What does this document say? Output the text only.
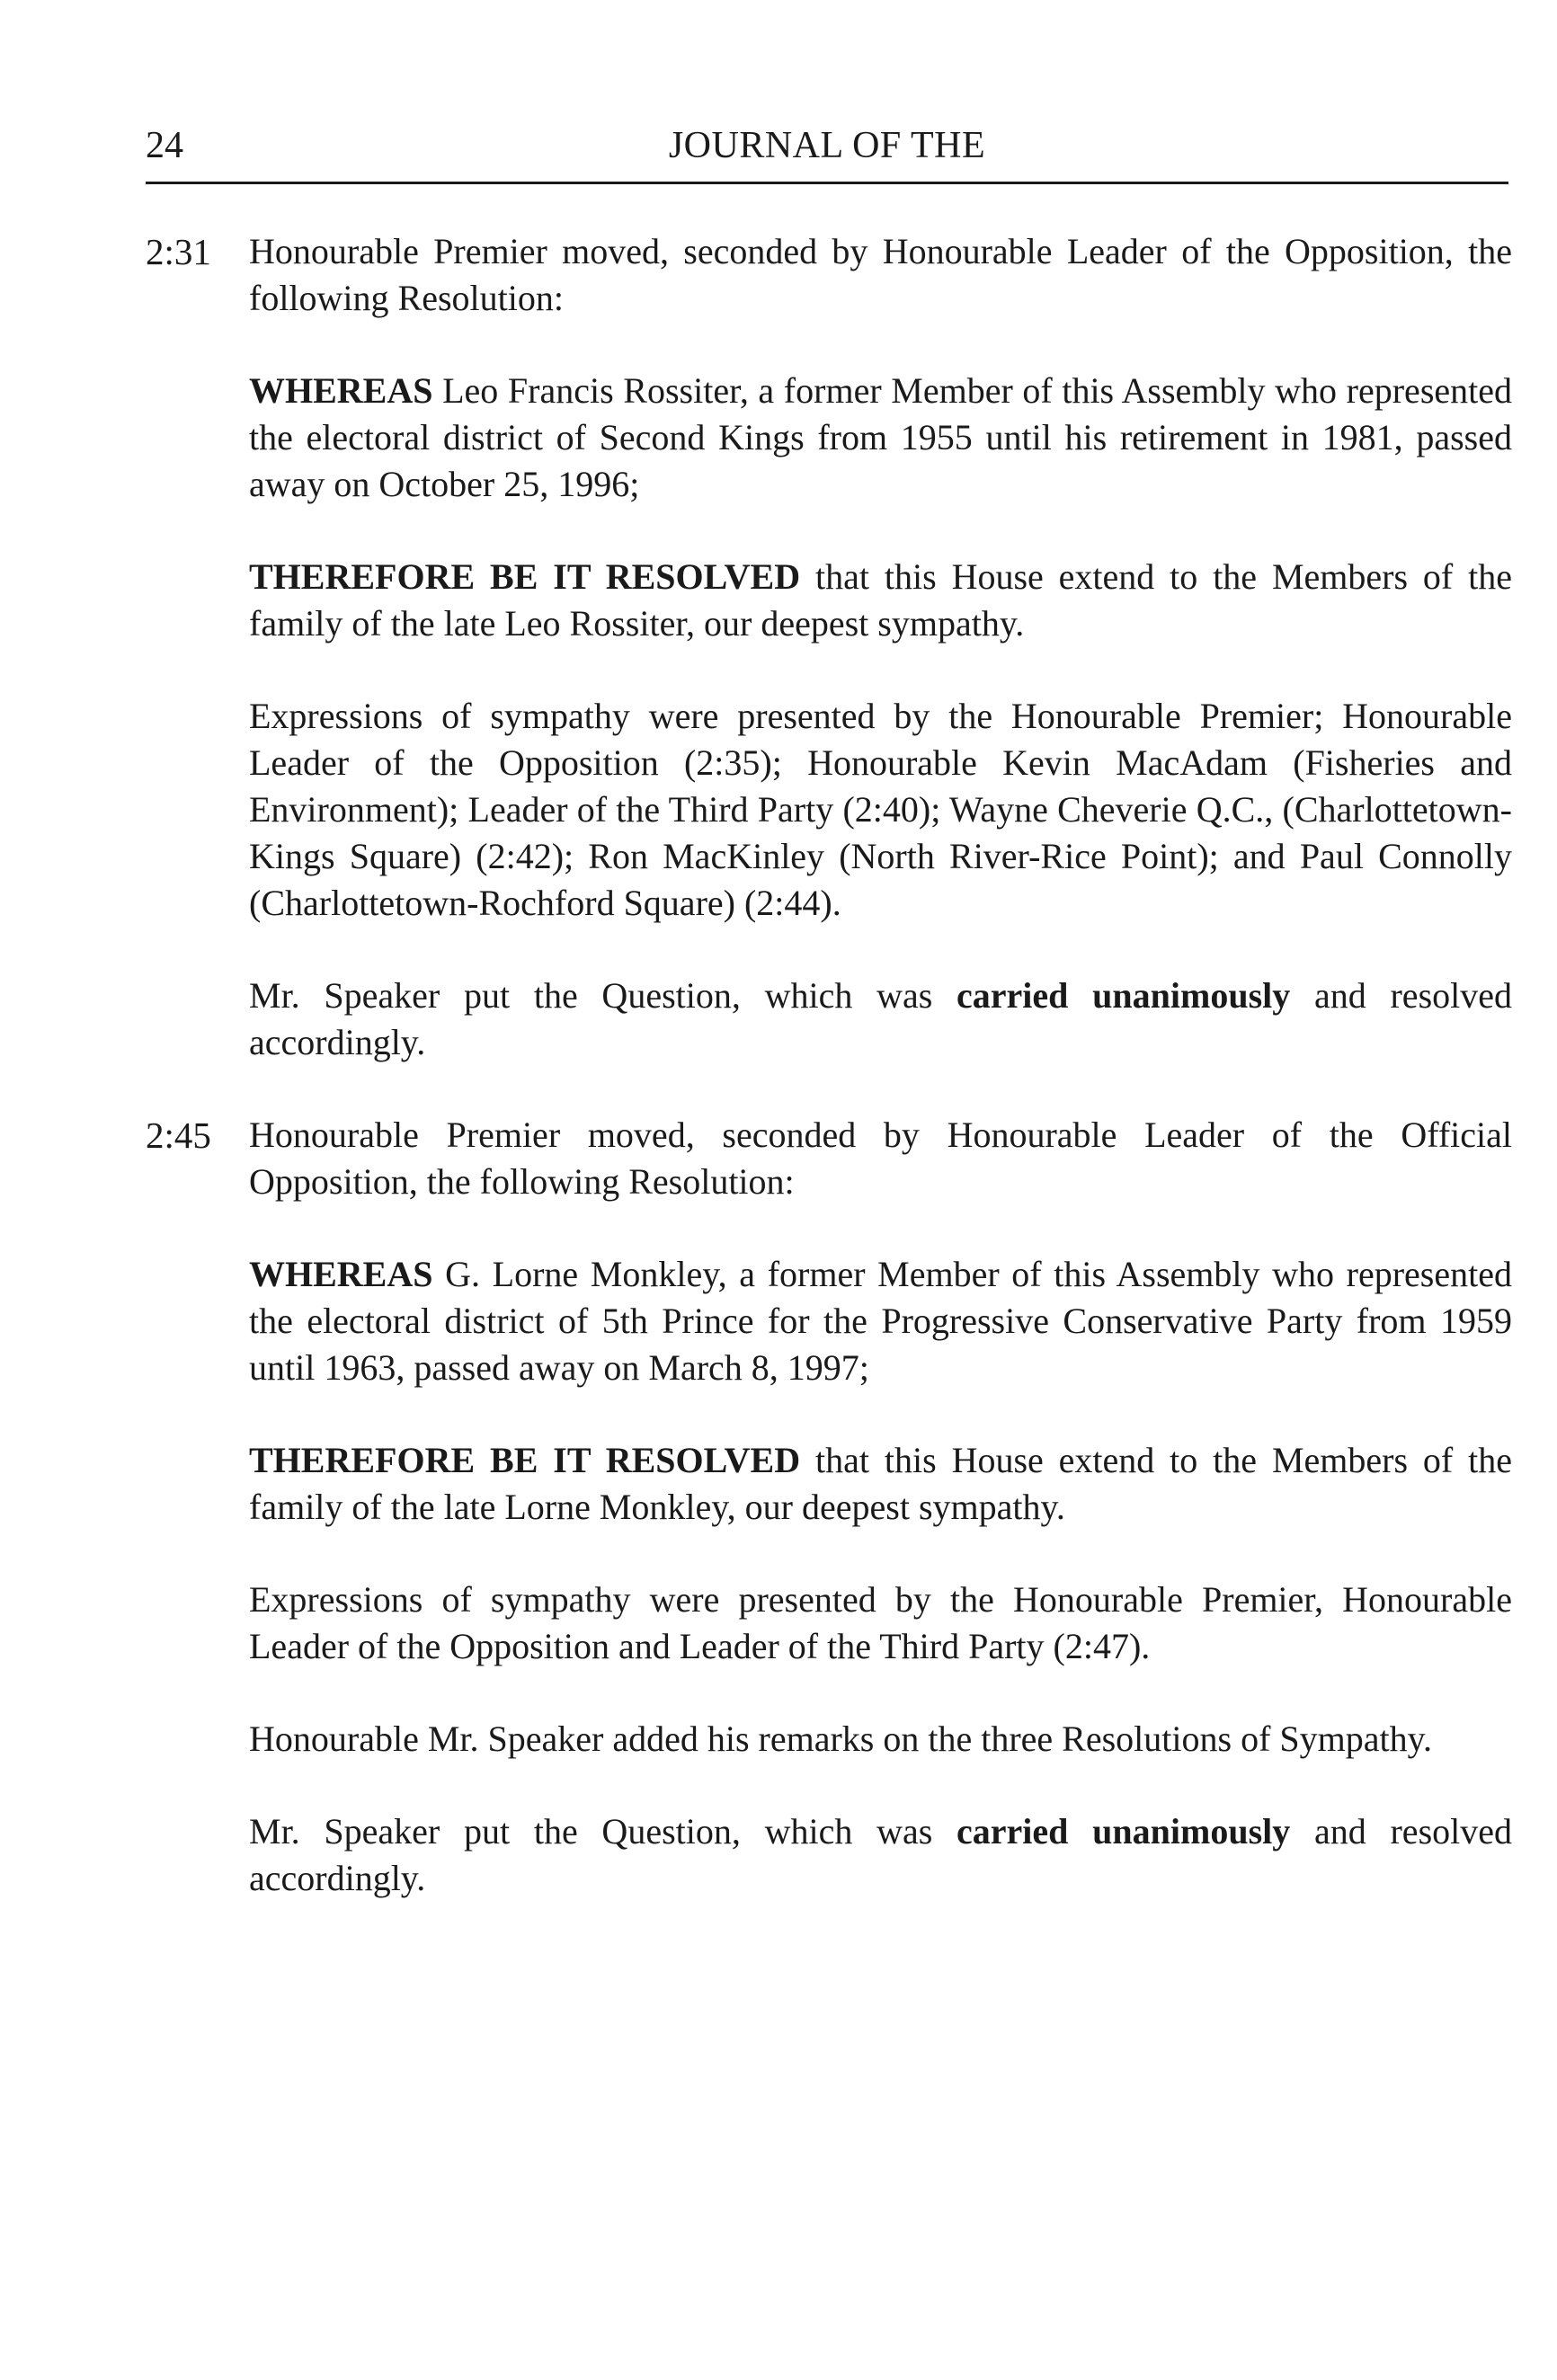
24	JOURNAL OF THE
2:31 Honourable Premier moved, seconded by Honourable Leader of the Opposition, the following Resolution:

WHEREAS Leo Francis Rossiter, a former Member of this Assembly who represented the electoral district of Second Kings from 1955 until his retirement in 1981, passed away on October 25, 1996;

THEREFORE BE IT RESOLVED that this House extend to the Members of the family of the late Leo Rossiter, our deepest sympathy.

Expressions of sympathy were presented by the Honourable Premier; Honourable Leader of the Opposition (2:35); Honourable Kevin MacAdam (Fisheries and Environment); Leader of the Third Party (2:40); Wayne Cheverie Q.C., (Charlottetown-Kings Square) (2:42); Ron MacKinley (North River-Rice Point); and Paul Connolly (Charlottetown-Rochford Square) (2:44).

Mr. Speaker put the Question, which was carried unanimously and resolved accordingly.

2:45 Honourable Premier moved, seconded by Honourable Leader of the Official Opposition, the following Resolution:

WHEREAS G. Lorne Monkley, a former Member of this Assembly who represented the electoral district of 5th Prince for the Progressive Conservative Party from 1959 until 1963, passed away on March 8, 1997;

THEREFORE BE IT RESOLVED that this House extend to the Members of the family of the late Lorne Monkley, our deepest sympathy.

Expressions of sympathy were presented by the Honourable Premier, Honourable Leader of the Opposition and Leader of the Third Party (2:47).

Honourable Mr. Speaker added his remarks on the three Resolutions of Sympathy.

Mr. Speaker put the Question, which was carried unanimously and resolved accordingly.
